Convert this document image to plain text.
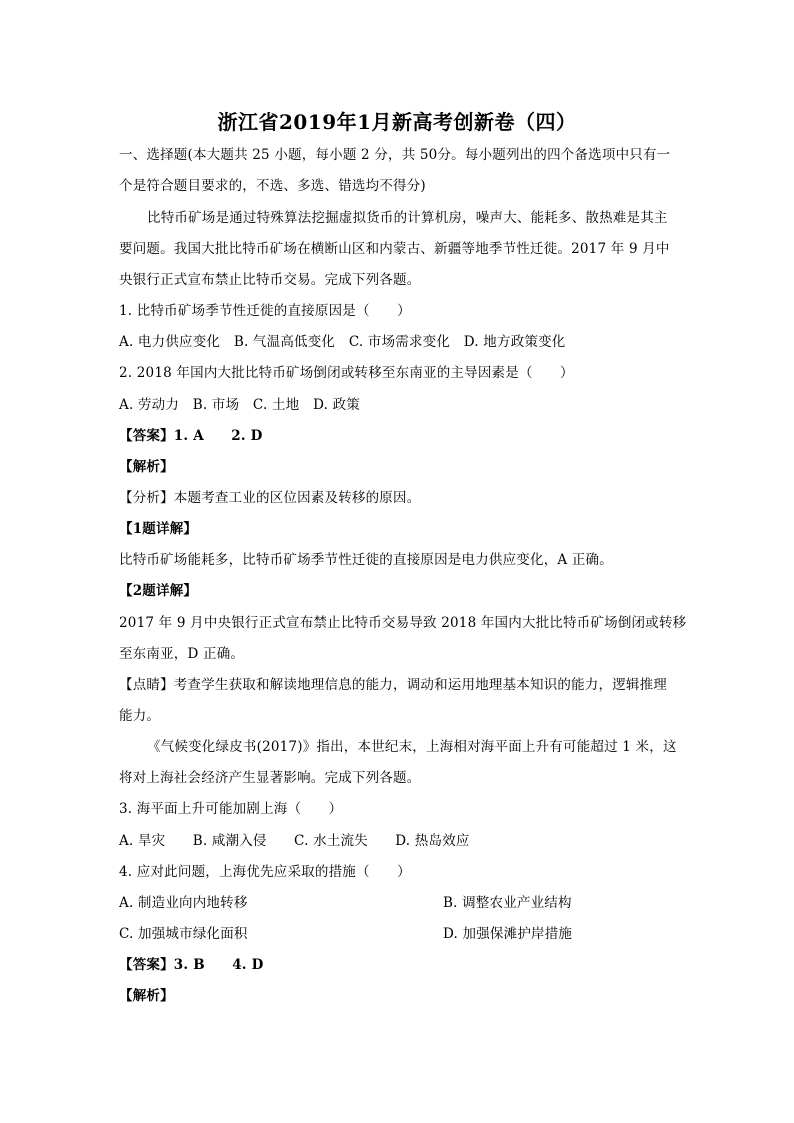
浙江省2019年1月新高考创新卷（四）
一、选择题(本大题共 25 小题，每小题 2 分，共 50分。每小题列出的四个备选项中只有一
个是符合题目要求的，不选、多选、错选均不得分)
比特币矿场是通过特殊算法挖掘虚拟货币的计算机房，噪声大、能耗多、散热难是其主
要问题。我国大批比特币矿场在横断山区和内蒙古、新疆等地季节性迁徙。2017 年 9 月中
央银行正式宣布禁止比特币交易。完成下列各题。
1. 比特币矿场季节性迁徙的直接原因是（　　）
A. 电力供应变化　B. 气温高低变化　C. 市场需求变化　D. 地方政策变化
2. 2018 年国内大批比特币矿场倒闭或转移至东南亚的主导因素是（　　）
A. 劳动力　B. 市场　C. 土地　D. 政策
【答案】1. A　　2. D
【解析】
【分析】本题考查工业的区位因素及转移的原因。
【1题详解】
比特币矿场能耗多，比特币矿场季节性迁徙的直接原因是电力供应变化，A 正确。
【2题详解】
2017 年 9 月中央银行正式宣布禁止比特币交易导致 2018 年国内大批比特币矿场倒闭或转移
至东南亚，D 正确。
【点睛】考查学生获取和解读地理信息的能力，调动和运用地理基本知识的能力，逻辑推理
能力。
《气候变化绿皮书(2017)》指出，本世纪末，上海相对海平面上升有可能超过 1 米，这
将对上海社会经济产生显著影响。完成下列各题。
3. 海平面上升可能加剧上海（　　）
A. 旱灾　　B. 咸潮入侵　　C. 水土流失　　D. 热岛效应
4. 应对此问题，上海优先应采取的措施（　　）
A. 制造业向内地转移	B. 调整农业产业结构
C. 加强城市绿化面积	D. 加强保滩护岸措施
【答案】3. B　　4. D
【解析】
